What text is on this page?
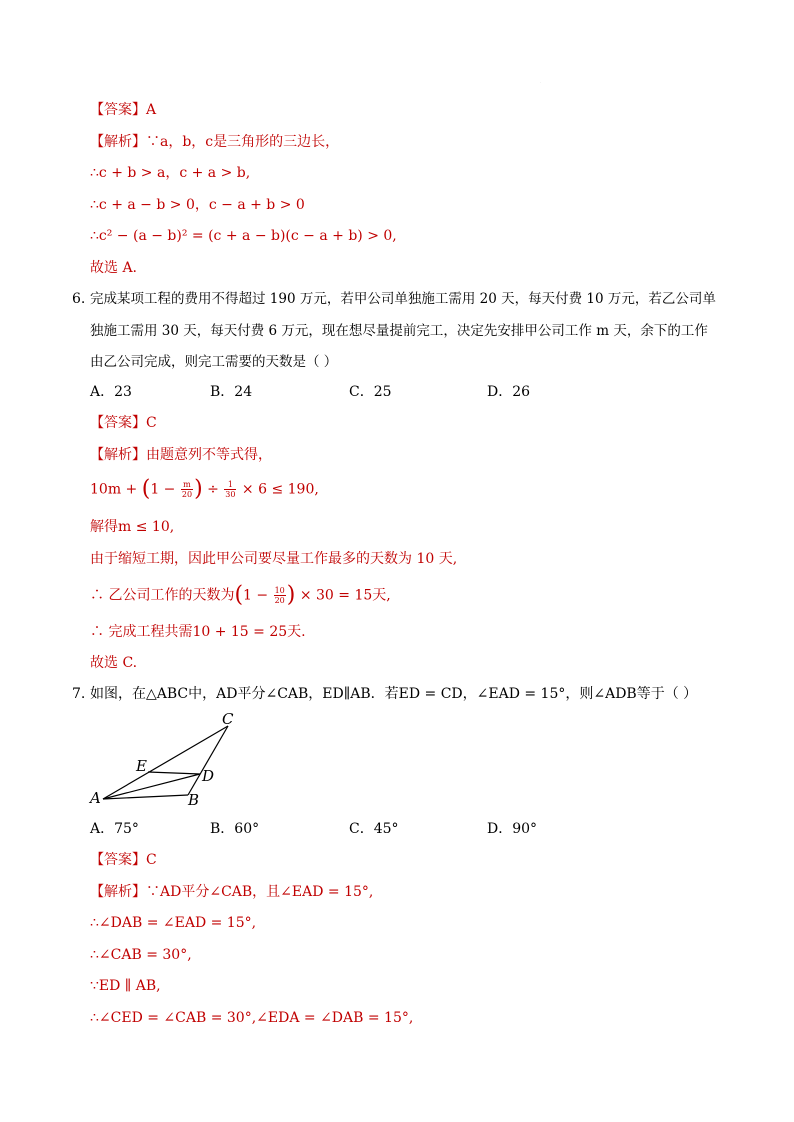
.
【答案】A
【解析】∵a，b，c是三角形的三边长，
∴c + b > a，c + a > b,
∴c + a − b > 0，c − a + b > 0
∴c² − (a − b)² = (c + a − b)(c − a + b) > 0,
故选 A.
6. 完成某项工程的费用不得超过 190 万元，若甲公司单独施工需用 20 天，每天付费 10 万元，若乙公司单
独施工需用 30 天，每天付费 6 万元，现在想尽量提前完工，决定先安排甲公司工作 m 天，余下的工作
由乙公司完成，则完工需要的天数是（ ）
A．23	B．24	C．25	D．26
【答案】C
【解析】由题意列不等式得，
$10m + (1 - \frac{m}{20}$ ) ÷ $\frac{1}{30} \times 6 \le 190$,
解得m ≤ 10,
由于缩短工期，因此甲公司要尽量工作最多的天数为 10 天,
∴ 乙公司工作的天数为($1 - \frac{10}{20}$ ) × 30 = 15天,
∴ 完成工程共需10 + 15 = 25天.
故选 C.
7. 如图，在△ABC中，AD平分∠CAB，ED∥AB．若ED = CD，∠EAD = 15°，则∠ADB等于（ ）
C
E
D
A	B
A．75°	B．60°	C．45°	D．90°
【答案】C
【解析】∵AD平分∠CAB，且∠EAD = 15°,
∴∠DAB = ∠EAD = 15°,
∴∠CAB = 30°,
∵ED ∥ AB,
∴∠CED = ∠CAB = 30°,∠EDA = ∠DAB = 15°,
